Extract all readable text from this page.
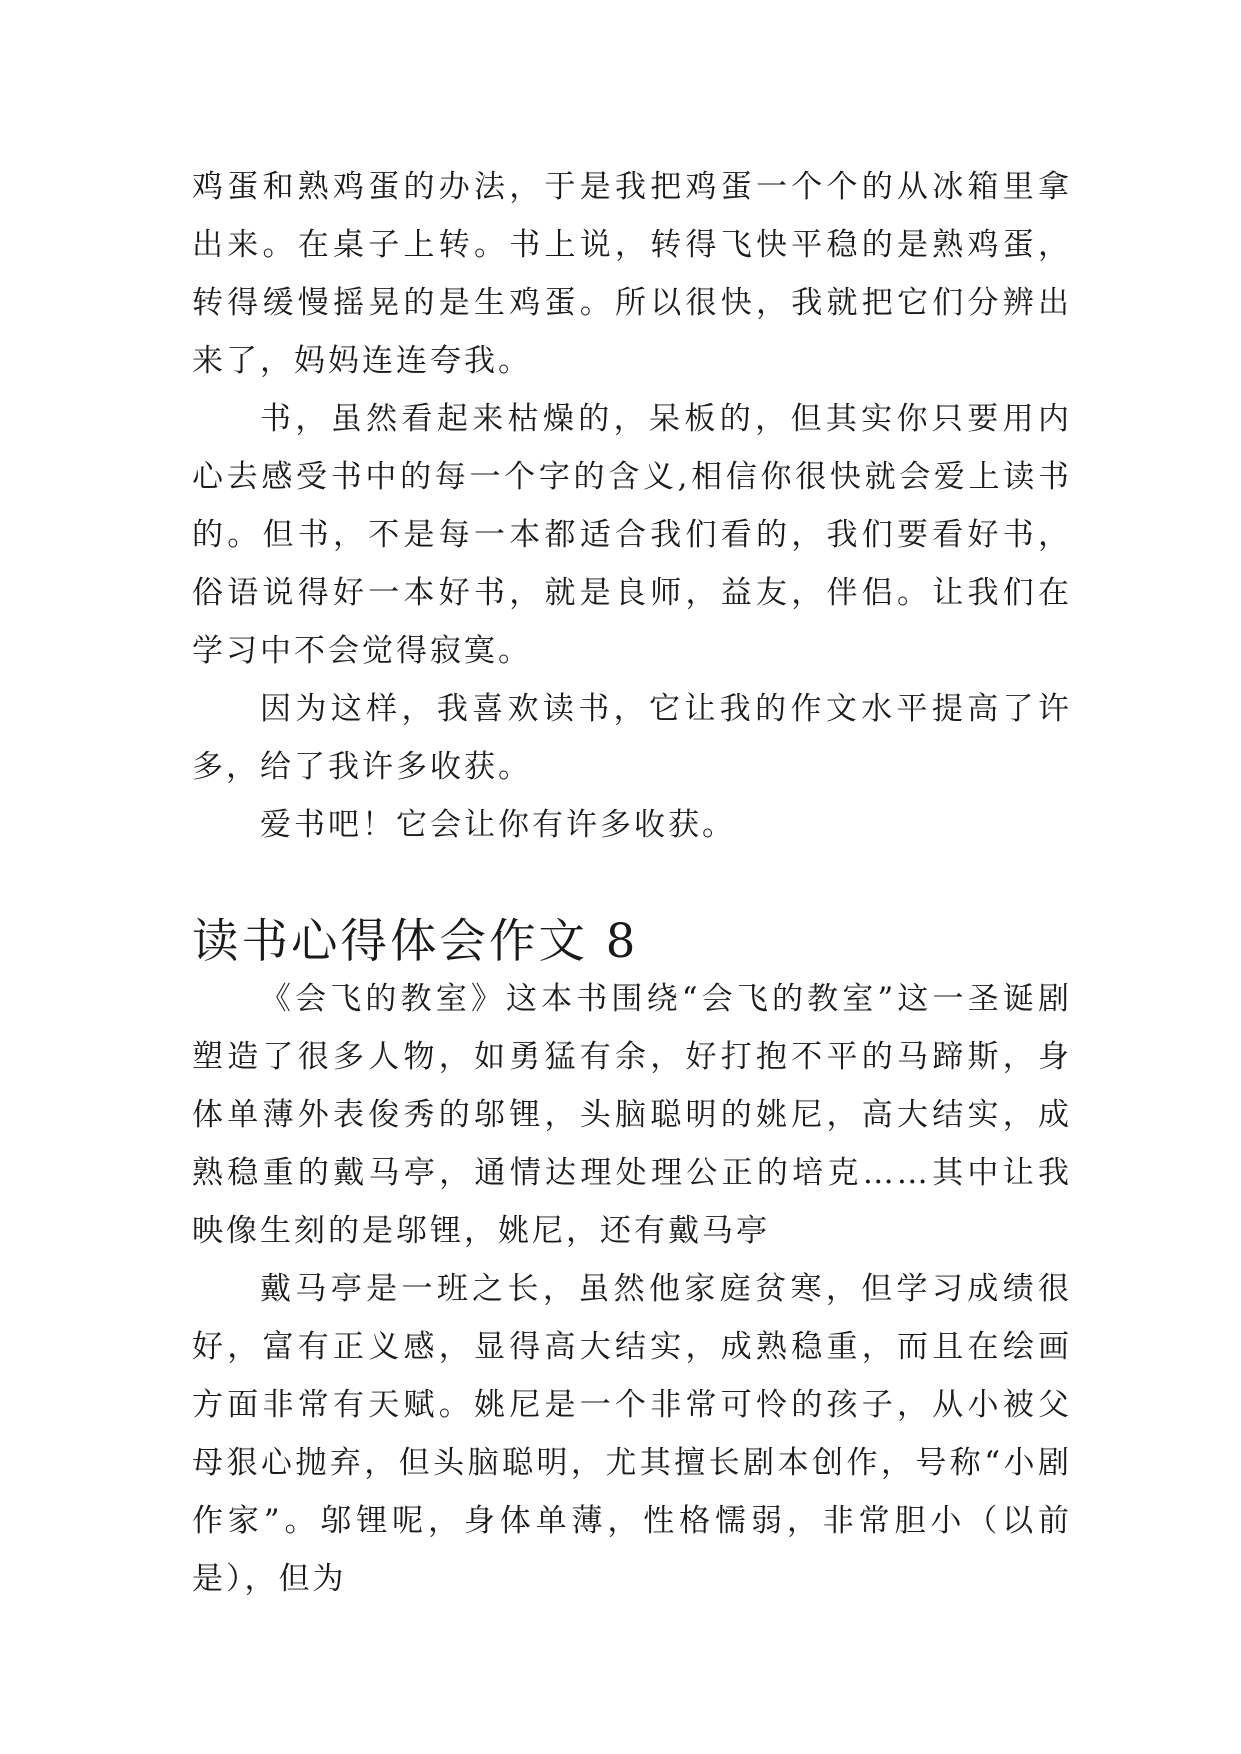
鸡蛋和熟鸡蛋的办法，于是我把鸡蛋一个个的从冰箱里拿出来。在桌子上转。书上说，转得飞快平稳的是熟鸡蛋，转得缓慢摇晃的是生鸡蛋。所以很快，我就把它们分辨出来了，妈妈连连夸我。

书，虽然看起来枯燥的，呆板的，但其实你只要用内心去感受书中的每一个字的含义,相信你很快就会爱上读书的。但书，不是每一本都适合我们看的，我们要看好书，俗语说得好一本好书，就是良师，益友，伴侣。让我们在学习中不会觉得寂寞。

因为这样，我喜欢读书，它让我的作文水平提高了许多，给了我许多收获。

爱书吧！它会让你有许多收获。

读书心得体会作文 8

《会飞的教室》这本书围绕“会飞的教室”这一圣诞剧塑造了很多人物，如勇猛有余，好打抱不平的马蹄斯，身体单薄外表俊秀的邬锂，头脑聪明的姚尼，高大结实，成熟稳重的戴马亭，通情达理处理公正的培克……其中让我映像生刻的是邬锂，姚尼，还有戴马亭

戴马亭是一班之长，虽然他家庭贫寒，但学习成绩很好，富有正义感，显得高大结实，成熟稳重，而且在绘画方面非常有天赋。姚尼是一个非常可怜的孩子，从小被父母狠心抛弃，但头脑聪明，尤其擅长剧本创作，号称“小剧作家”。邬锂呢，身体单薄，性格懦弱，非常胆小（以前是），但为
